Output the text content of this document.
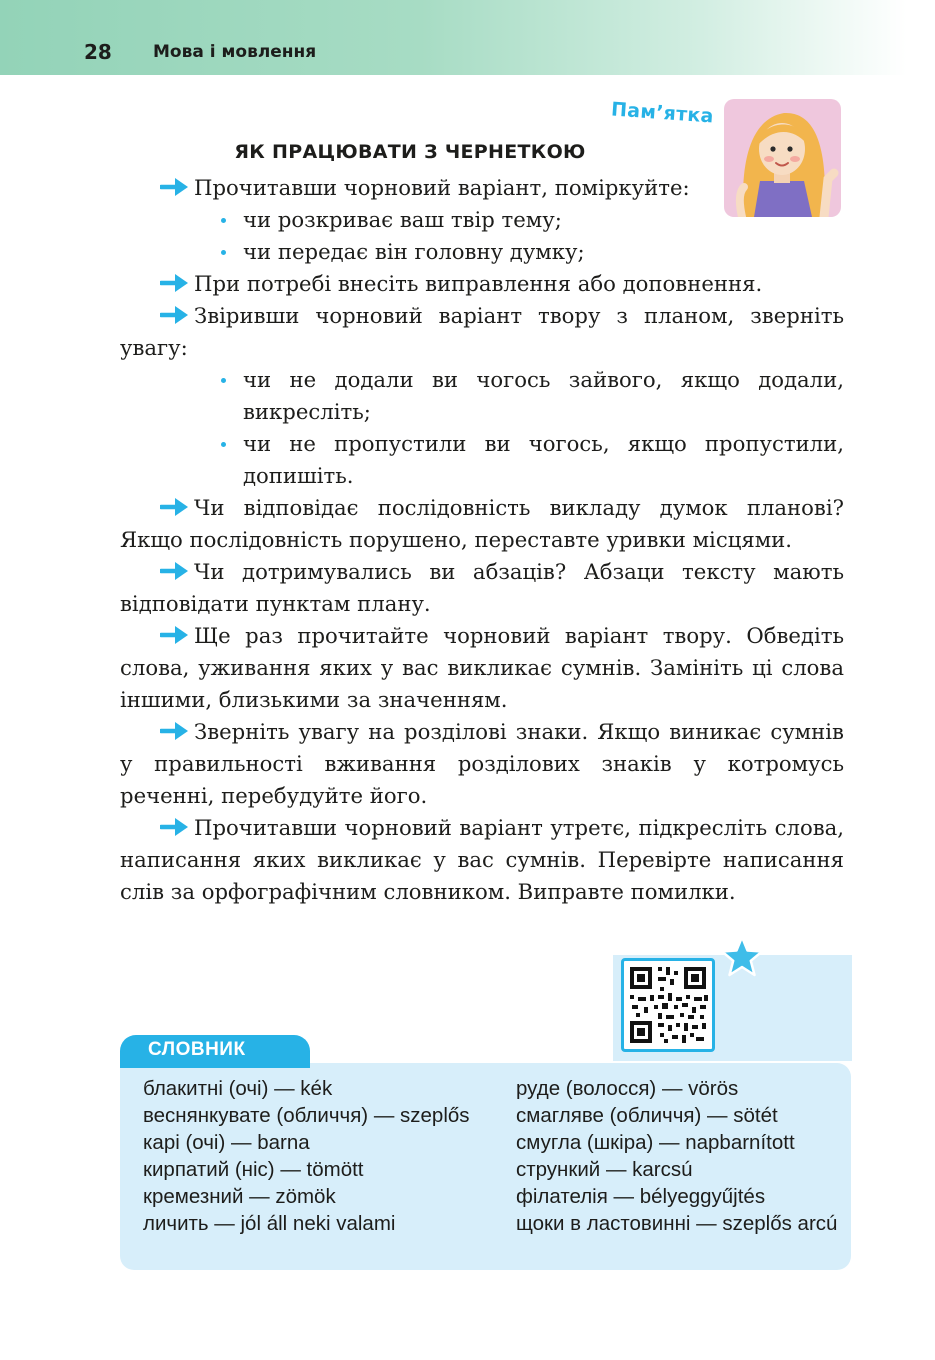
28 Мова і мовлення
Пам’ятка
ЯК ПРАЦЮВАТИ З ЧЕРНЕТКОЮ
Прочитавши чорновий варіант, поміркуйте:
чи розкриває ваш твір тему;
чи передає він головну думку;
При потребі внесіть виправлення або доповнення.
Звіривши чорновий варіант твору з планом, зверніть увагу:
чи не додали ви чогось зайвого, якщо додали, викресліть;
чи не пропустили ви чогось, якщо пропустили, допишіть.
Чи відповідає послідовність викладу думок планові? Якщо послідовність порушено, переставте уривки місцями.
Чи дотримувались ви абзаців? Абзаци тексту мають відповідати пунктам плану.
Ще раз прочитайте чорновий варіант твору. Обведіть слова, уживання яких у вас викликає сумнів. Замініть ці слова іншими, близькими за значенням.
Зверніть увагу на розділові знаки. Якщо виникає сумнів у правильності вживання розділових знаків у котромусь реченні, перебудуйте його.
Прочитавши чорновий варіант утретє, підкресліть слова, написання яких викликає у вас сумнів. Перевірте написання слів за орфографічним словником. Виправте помилки.
СЛОВНИК
блакитні (очі) — kék
веснянкувате (обличчя) — szeplős
карі (очі) — barna
кирпатий (ніс) — tömött
кремезний — zömök
личить — jól áll neki valami
руде (волосся) — vörös
смагляве (обличчя) — sötét
смугла (шкіра) — napbarnított
стрункий — karcsú
філателія — bélyeggyűjtés
щоки в ластовинні — szeplős arcú
